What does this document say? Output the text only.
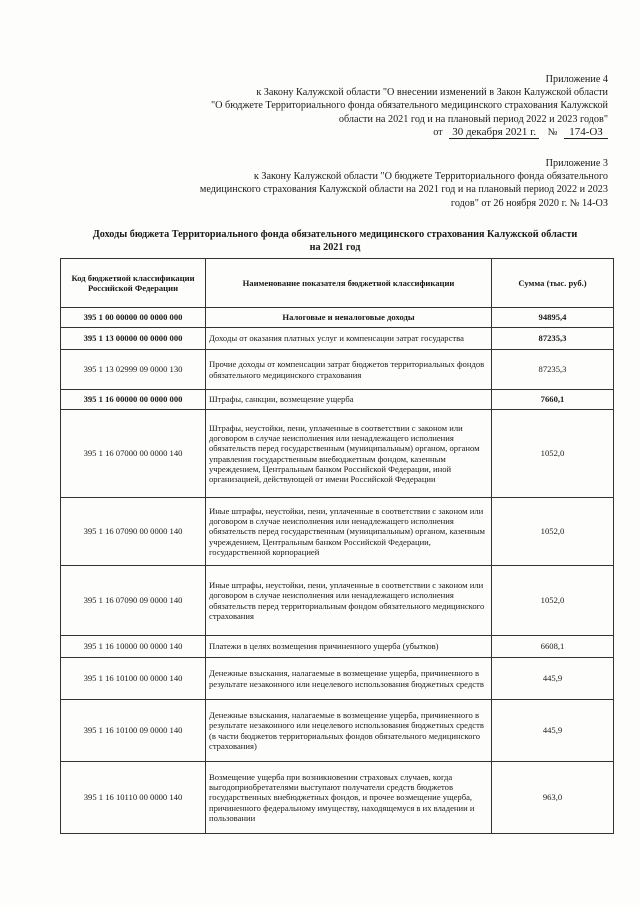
Приложение 4
к Закону Калужской области "О внесении изменений в Закон Калужской области
"О бюджете Территориального фонда обязательного медицинского страхования Калужской
области на 2021 год и на плановый период 2022 и 2023 годов"
от 30 декабря 2021 г. № 174-ОЗ
Приложение 3
к Закону Калужской области "О бюджете Территориального фонда обязательного
медицинского страхования Калужской области на 2021 год и на плановый период 2022 и 2023
годов" от 26 ноября 2020 г. № 14-ОЗ
Доходы бюджета Территориального фонда обязательного медицинского страхования Калужской области
на 2021 год
Код бюджетной классификации Российской Федерации	Наименование показателя бюджетной классификации	Сумма (тыс. руб.)
395 1 00 00000 00 0000 000	Налоговые и неналоговые доходы	94895,4
395 1 13 00000 00 0000 000	Доходы от оказания платных услуг и компенсации затрат государства	87235,3
395 1 13 02999 09 0000 130	Прочие доходы от компенсации затрат бюджетов территориальных фондов обязательного медицинского страхования	87235,3
395 1 16 00000 00 0000 000	Штрафы, санкции, возмещение ущерба	7660,1
395 1 16 07000 00 0000 140	Штрафы, неустойки, пени, уплаченные в соответствии с законом или договором в случае неисполнения или ненадлежащего исполнения обязательств перед государственным (муниципальным) органом, органом управления государственным внебюджетным фондом, казенным учреждением, Центральным банком Российской Федерации, иной организацией, действующей от имени Российской Федерации	1052,0
395 1 16 07090 00 0000 140	Иные штрафы, неустойки, пени, уплаченные в соответствии с законом или договором в случае неисполнения или ненадлежащего исполнения обязательств перед государственным (муниципальным) органом, казенным учреждением, Центральным банком Российской Федерации, государственной корпорацией	1052,0
395 1 16 07090 09 0000 140	Иные штрафы, неустойки, пени, уплаченные в соответствии с законом или договором в случае неисполнения или ненадлежащего исполнения обязательств перед территориальным фондом обязательного медицинского страхования	1052,0
395 1 16 10000 00 0000 140	Платежи в целях возмещения причиненного ущерба (убытков)	6608,1
395 1 16 10100 00 0000 140	Денежные взыскания, налагаемые в возмещение ущерба, причиненного в результате незаконного или нецелевого использования бюджетных средств	445,9
395 1 16 10100 09 0000 140	Денежные взыскания, налагаемые в возмещение ущерба, причиненного в результате незаконного или нецелевого использования бюджетных средств (в части бюджетов территориальных фондов обязательного медицинского страхования)	445,9
395 1 16 10110 00 0000 140	Возмещение ущерба при возникновении страховых случаев, когда выгодоприобретателями выступают получатели средств бюджетов государственных внебюджетных фондов, и прочее возмещение ущерба, причиненного федеральному имуществу, находящемуся в их владении и пользовании	963,0
